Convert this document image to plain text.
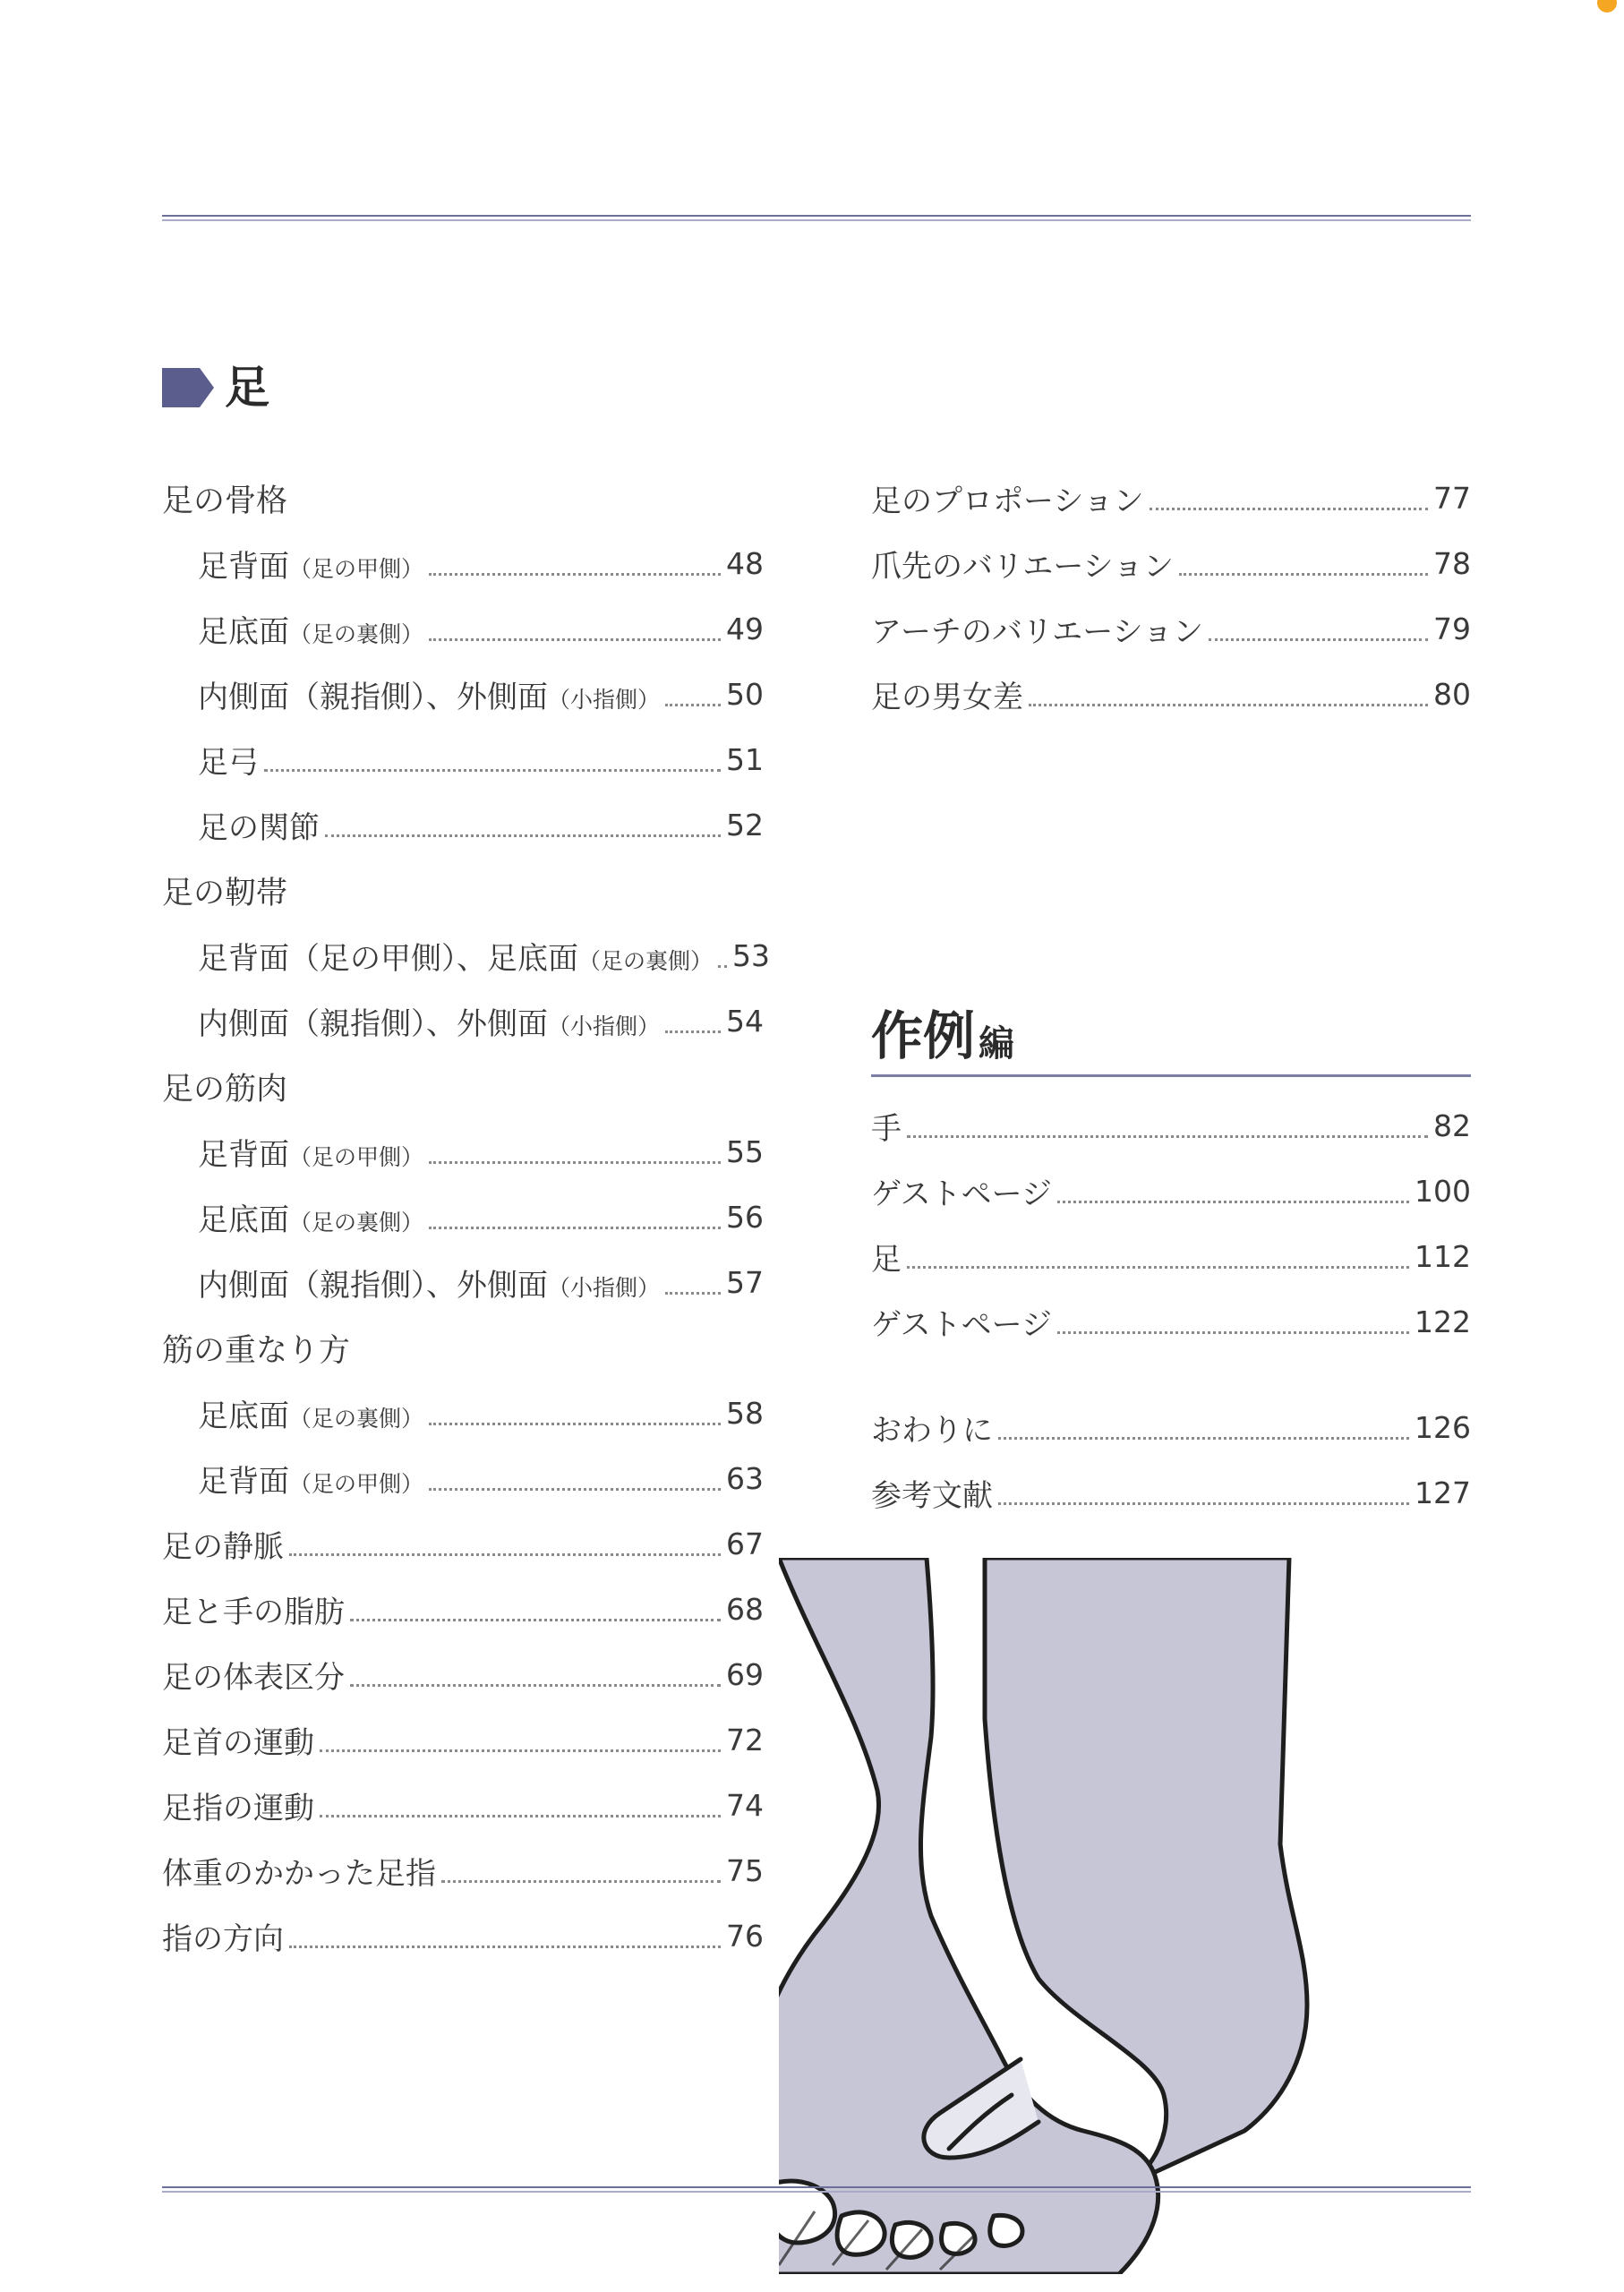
足
足の骨格
足背面（足の甲側）	48
足底面（足の裏側）	49
内側面（親指側）、外側面（小指側） 50
足弓	51
足の関節	52
足の靭帯
足背面（足の甲側）、足底面（足の裏側） 53
内側面（親指側）、外側面（小指側） 54
足の筋肉
足背面（足の甲側）	55
足底面（足の裏側）	56
内側面（親指側）、外側面（小指側） 57
筋の重なり方
足底面（足の裏側）	58
足背面（足の甲側）	63
足の静脈	67
足と手の脂肪	68
足の体表区分	69
足首の運動	72
足指の運動	74
体重のかかった足指	75
指の方向	76
足のプロポーション	77
爪先のバリエーション	78
アーチのバリエーション	79
足の男女差	80
作例 編
手	82
ゲストページ	100
足	112
ゲストページ	122
おわりに	126
参考文献	127
